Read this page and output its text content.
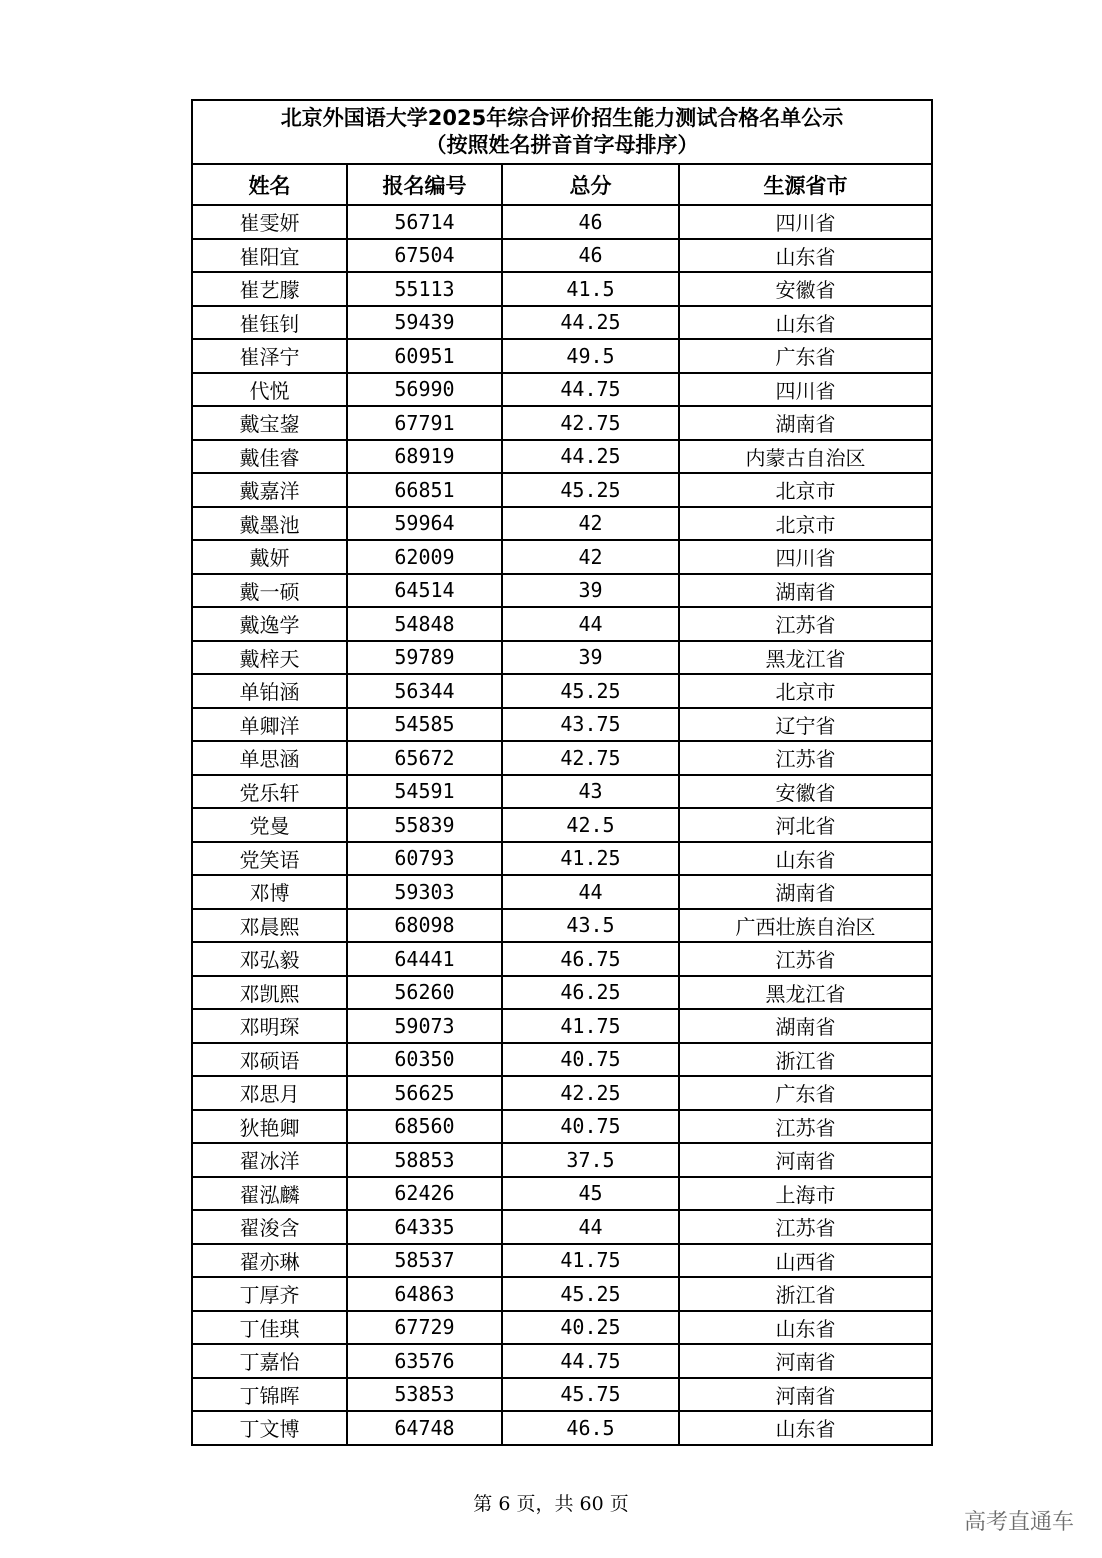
北京外国语大学2025年综合评价招生能力测试合格名单公示
（按照姓名拼音首字母排序）			

姓名	报名编号	总分	生源省市
崔雯妍	56714	46	四川省
崔阳宜	67504	46	山东省
崔艺朦	55113	41.5	安徽省
崔钰钊	59439	44.25	山东省
崔泽宁	60951	49.5	广东省
代悦	56990	44.75	四川省
戴宝鋆	67791	42.75	湖南省
戴佳睿	68919	44.25	内蒙古自治区
戴嘉洋	66851	45.25	北京市
戴墨池	59964	42	北京市
戴妍	62009	42	四川省
戴一硕	64514	39	湖南省
戴逸学	54848	44	江苏省
戴梓天	59789	39	黑龙江省
单铂涵	56344	45.25	北京市
单卿洋	54585	43.75	辽宁省
单思涵	65672	42.75	江苏省
党乐轩	54591	43	安徽省
党曼	55839	42.5	河北省
党笑语	60793	41.25	山东省
邓博	59303	44	湖南省
邓晨熙	68098	43.5	广西壮族自治区
邓弘毅	64441	46.75	江苏省
邓凯熙	56260	46.25	黑龙江省
邓明琛	59073	41.75	湖南省
邓硕语	60350	40.75	浙江省
邓思月	56625	42.25	广东省
狄艳卿	68560	40.75	江苏省
翟冰洋	58853	37.5	河南省
翟泓麟	62426	45	上海市
翟浚含	64335	44	江苏省
翟亦琳	58537	41.75	山西省
丁厚齐	64863	45.25	浙江省
丁佳琪	67729	40.25	山东省
丁嘉怡	63576	44.75	河南省
丁锦晖	53853	45.75	河南省
丁文博	64748	46.5	山东省
第 6 页，共 60 页
高考直通车
